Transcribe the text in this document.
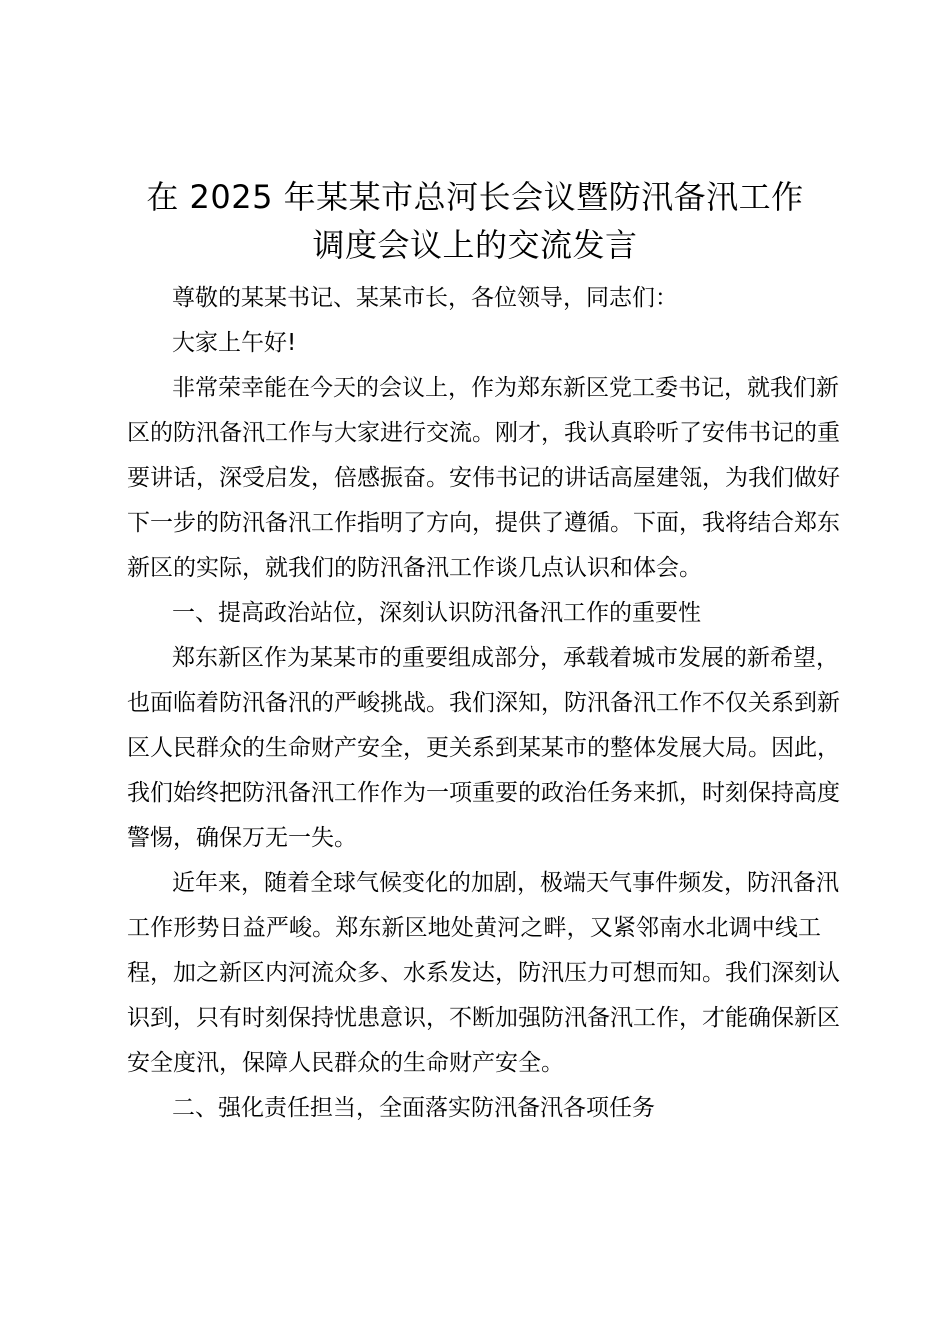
在 2025 年某某市总河长会议暨防汛备汛工作
调度会议上的交流发言
尊敬的某某书记、某某市长，各位领导，同志们：
大家上午好!
非常荣幸能在今天的会议上，作为郑东新区党工委书记，就我们新
区的防汛备汛工作与大家进行交流。刚才，我认真聆听了安伟书记的重
要讲话，深受启发，倍感振奋。安伟书记的讲话高屋建瓴，为我们做好
下一步的防汛备汛工作指明了方向，提供了遵循。下面，我将结合郑东
新区的实际，就我们的防汛备汛工作谈几点认识和体会。
一、提高政治站位，深刻认识防汛备汛工作的重要性
郑东新区作为某某市的重要组成部分，承载着城市发展的新希望，
也面临着防汛备汛的严峻挑战。我们深知，防汛备汛工作不仅关系到新
区人民群众的生命财产安全，更关系到某某市的整体发展大局。因此，
我们始终把防汛备汛工作作为一项重要的政治任务来抓，时刻保持高度
警惕，确保万无一失。
近年来，随着全球气候变化的加剧，极端天气事件频发，防汛备汛
工作形势日益严峻。郑东新区地处黄河之畔，又紧邻南水北调中线工
程，加之新区内河流众多、水系发达，防汛压力可想而知。我们深刻认
识到，只有时刻保持忧患意识，不断加强防汛备汛工作，才能确保新区
安全度汛，保障人民群众的生命财产安全。
二、强化责任担当，全面落实防汛备汛各项任务
